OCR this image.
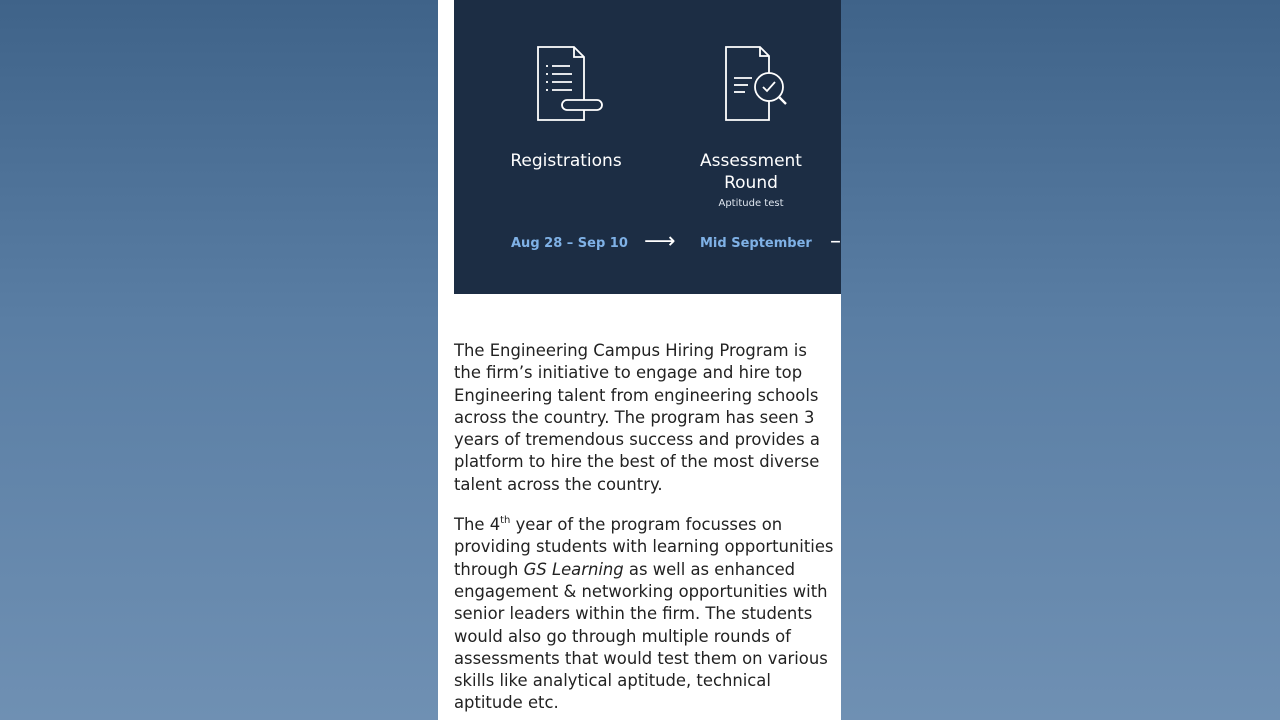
Registrations	Assessment Round
Aptitude test
Aug 28 – Sep 10 ⟶ Mid September –

The Engineering Campus Hiring Program is the firm’s initiative to engage and hire top Engineering talent from engineering schools across the country. The program has seen 3 years of tremendous success and provides a platform to hire the best of the most diverse talent across the country.

The 4th year of the program focusses on providing students with learning opportunities through GS Learning as well as enhanced engagement & networking opportunities with senior leaders within the firm. The students would also go through multiple rounds of assessments that would test them on various skills like analytical aptitude, technical aptitude etc.
